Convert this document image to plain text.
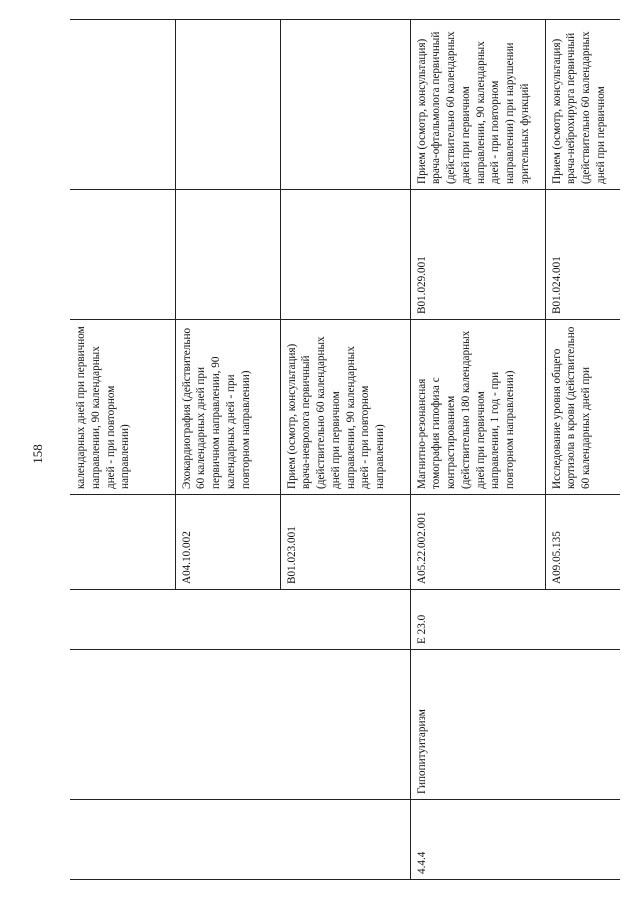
158
					календарных дней при первичном направлении, 90 календарных дней - при повторном направлении)		
			A04.10.002	Эхокардиография (действительно 60 календарных дней при первичном направлении, 90 календарных дней - при повторном направлении)		
			B01.023.001	Прием (осмотр, консультация) врача-невролога первичный (действительно 60 календарных дней при первичном направлении, 90 календарных дней - при повторном направлении)		
4.4.4	Гипопитуитаризм	E 23.0	A05.22.002.001	Магнитно-резонансная томография гипофиза с контрастированием (действительно 180 календарных дней при первичном направлении, 1 год - при повторном направлении)	B01.029.001	Прием (осмотр, консультация) врача-офтальмолога первичный (действительно 60 календарных дней при первичном направлении, 90 календарных дней - при повторном направлении) при нарушении зрительных функций
			A09.05.135	Исследование уровня общего кортизола в крови (действительно 60 календарных дней при	B01.024.001	Прием (осмотр, консультация) врача-нейрохирурга первичный (действительно 60 календарных дней при первичном
